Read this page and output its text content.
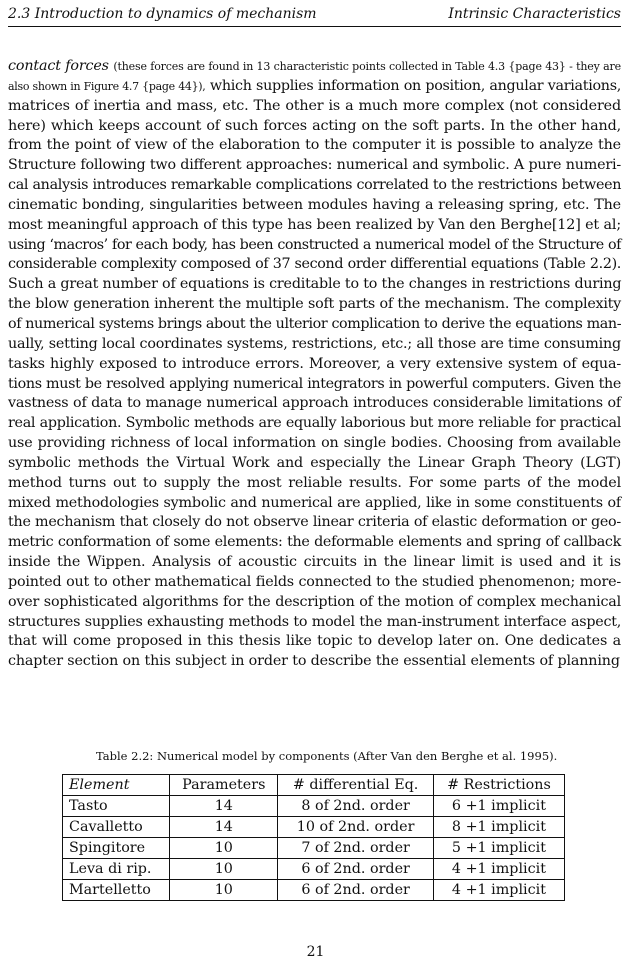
2.3 Introduction to dynamics of mechanism	Intrinsic Characteristics
contact forces (these forces are found in 13 characteristic points collected in Table 4.3 {page 43} - they are
also shown in Figure 4.7 {page 44}), which supplies information on position, angular variations,
matrices of inertia and mass, etc. The other is a much more complex (not considered
here) which keeps account of such forces acting on the soft parts. In the other hand,
from the point of view of the elaboration to the computer it is possible to analyze the
Structure following two different approaches: numerical and symbolic. A pure numeri-
cal analysis introduces remarkable complications correlated to the restrictions between
cinematic bonding, singularities between modules having a releasing spring, etc. The
most meaningful approach of this type has been realized by Van den Berghe[12] et al;
using ‘macros’ for each body, has been constructed a numerical model of the Structure of
considerable complexity composed of 37 second order differential equations (Table 2.2).
Such a great number of equations is creditable to to the changes in restrictions during
the blow generation inherent the multiple soft parts of the mechanism. The complexity
of numerical systems brings about the ulterior complication to derive the equations man-
ually, setting local coordinates systems, restrictions, etc.; all those are time consuming
tasks highly exposed to introduce errors. Moreover, a very extensive system of equa-
tions must be resolved applying numerical integrators in powerful computers. Given the
vastness of data to manage numerical approach introduces considerable limitations of
real application. Symbolic methods are equally laborious but more reliable for practical
use providing richness of local information on single bodies. Choosing from available
symbolic methods the Virtual Work and especially the Linear Graph Theory (LGT)
method turns out to supply the most reliable results. For some parts of the model
mixed methodologies symbolic and numerical are applied, like in some constituents of
the mechanism that closely do not observe linear criteria of elastic deformation or geo-
metric conformation of some elements: the deformable elements and spring of callback
inside the Wippen. Analysis of acoustic circuits in the linear limit is used and it is
pointed out to other mathematical fields connected to the studied phenomenon; more-
over sophisticated algorithms for the description of the motion of complex mechanical
structures supplies exhausting methods to model the man-instrument interface aspect,
that will come proposed in this thesis like topic to develop later on. One dedicates a
chapter section on this subject in order to describe the essential elements of planning
Table 2.2: Numerical model by components (After Van den Berghe et al. 1995).
Element	Parameters	# differential Eq.	# Restrictions
Tasto	14	8 of 2nd. order	6 +1 implicit
Cavalletto	14	10 of 2nd. order	8 +1 implicit
Spingitore	10	7 of 2nd. order	5 +1 implicit
Leva di rip.	10	6 of 2nd. order	4 +1 implicit
Martelletto	10	6 of 2nd. order	4 +1 implicit
21
